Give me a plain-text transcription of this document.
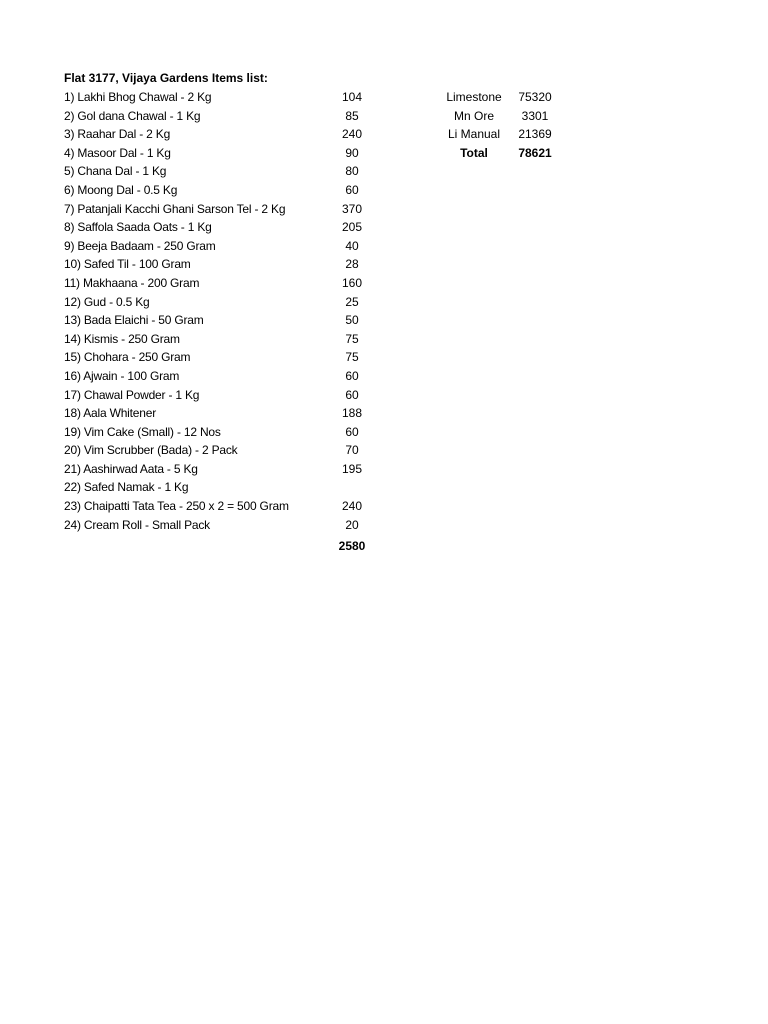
Flat 3177, Vijaya Gardens Items list:
1) Lakhi Bhog Chawal - 2 Kg	104
2) Gol dana Chawal - 1 Kg	85
3) Raahar Dal - 2 Kg	240
4) Masoor Dal - 1 Kg	90
5) Chana Dal - 1 Kg	80
6) Moong Dal - 0.5 Kg	60
7) Patanjali Kacchi Ghani Sarson Tel - 2 Kg	370
8) Saffola Saada Oats - 1 Kg	205
9) Beeja Badaam - 250 Gram	40
10) Safed Til - 100 Gram	28
11) Makhaana - 200 Gram	160
12) Gud - 0.5 Kg	25
13) Bada Elaichi - 50 Gram	50
14) Kismis - 250 Gram	75
15) Chohara - 250 Gram	75
16) Ajwain - 100 Gram	60
17) Chawal Powder - 1 Kg	60
18) Aala Whitener	188
19) Vim Cake (Small) - 12 Nos	60
20) Vim Scrubber (Bada) - 2 Pack	70
21) Aashirwad Aata - 5 Kg	195
22) Safed Namak - 1 Kg
23) Chaipatti Tata Tea - 250 x 2 = 500 Gram	240
24) Cream Roll - Small Pack	20
2580
Limestone	75320
Mn Ore	3301
Li Manual	21369
Total	78621
